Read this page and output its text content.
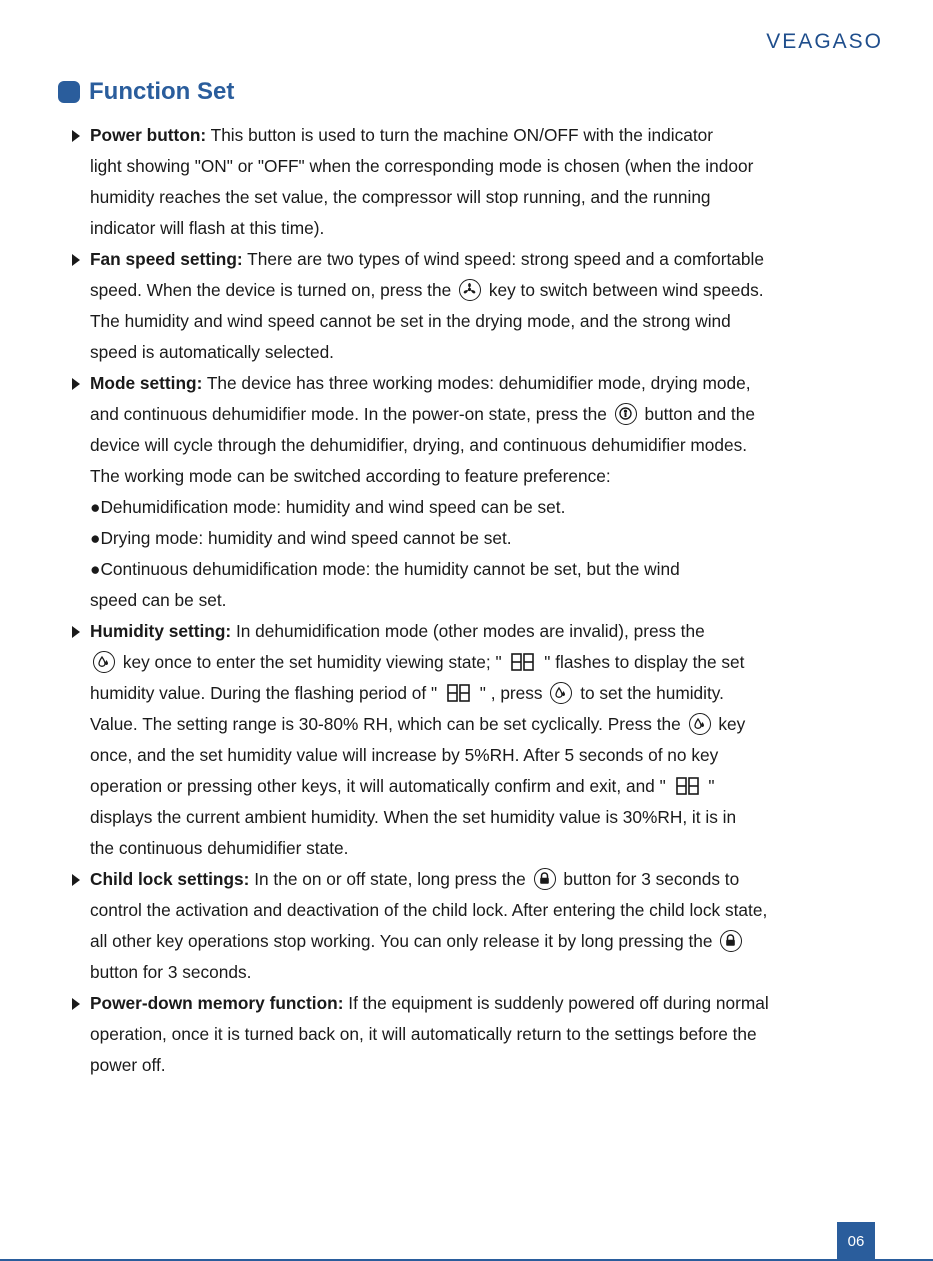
VEAGASO
Function Set
Power button: This button is used to turn the machine ON/OFF with the indicator
light showing "ON" or "OFF" when the corresponding mode is chosen (when the indoor
humidity reaches the set value, the compressor will stop running, and the running
indicator will flash at this time).
Fan speed setting: There are two types of wind speed: strong speed and a comfortable
speed. When the device is turned on, press the key to switch between wind speeds.
The humidity and wind speed cannot be set in the drying mode, and the strong wind
speed is automatically selected.
Mode setting: The device has three working modes: dehumidifier mode, drying mode,
and continuous dehumidifier mode. In the power-on state, press the button and the
device will cycle through the dehumidifier, drying, and continuous dehumidifier modes.
The working mode can be switched according to feature preference:
●Dehumidification mode: humidity and wind speed can be set.
●Drying mode: humidity and wind speed cannot be set.
●Continuous dehumidification mode: the humidity cannot be set, but the wind
speed can be set.
Humidity setting: In dehumidification mode (other modes are invalid), press the
key once to enter the set humidity viewing state; " " flashes to display the set
humidity value. During the flashing period of " " , press to set the humidity.
Value. The setting range is 30-80% RH, which can be set cyclically. Press the key
once, and the set humidity value will increase by 5%RH. After 5 seconds of no key
operation or pressing other keys, it will automatically confirm and exit, and " "
displays the current ambient humidity. When the set humidity value is 30%RH, it is in
the continuous dehumidifier state.
Child lock settings: In the on or off state, long press the button for 3 seconds to
control the activation and deactivation of the child lock. After entering the child lock state,
all other key operations stop working. You can only release it by long pressing the
button for 3 seconds.
Power-down memory function: If the equipment is suddenly powered off during normal
operation, once it is turned back on, it will automatically return to the settings before the
power off.
06
